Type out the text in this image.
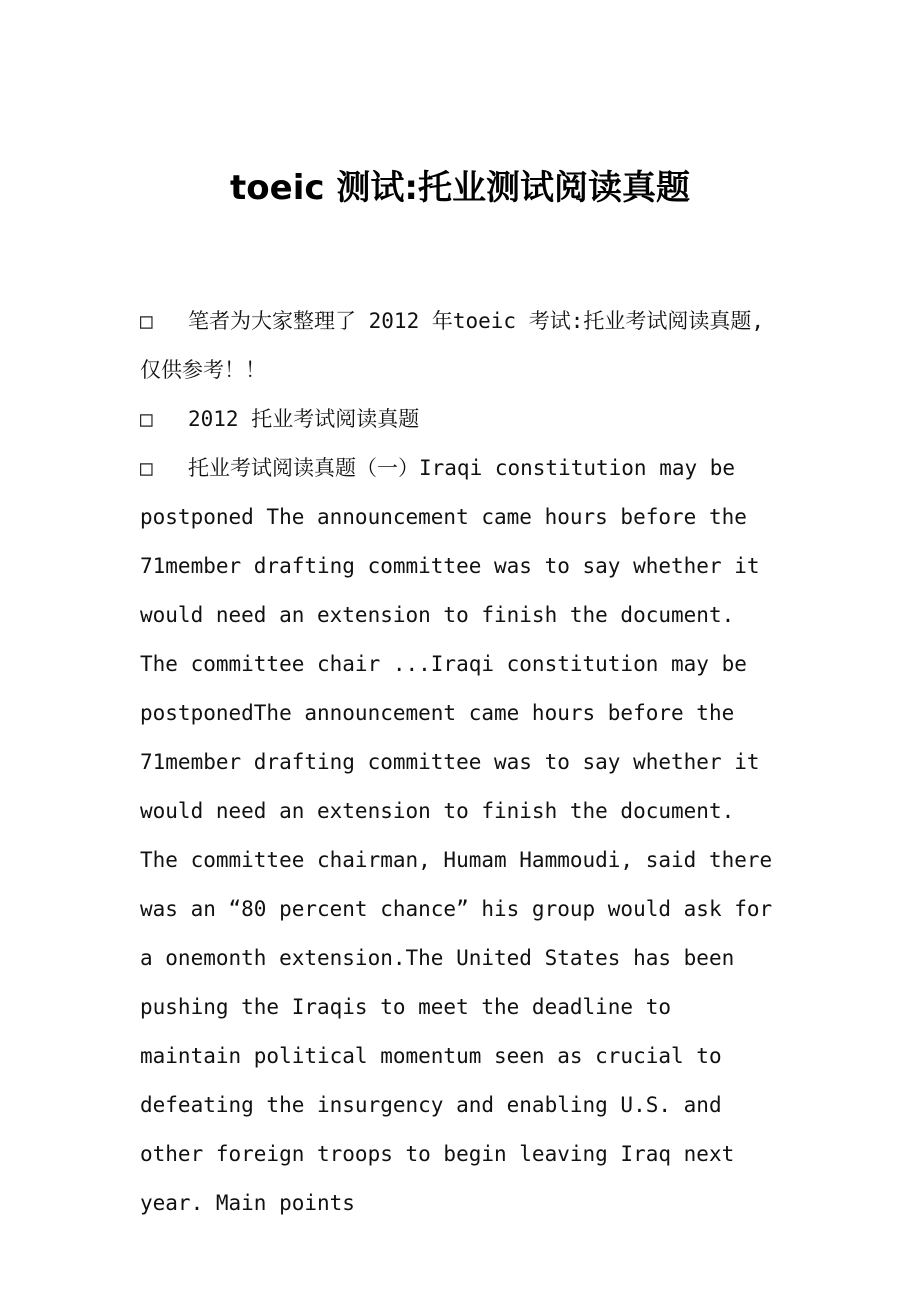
toeic 测试:托业测试阅读真题

□ 笔者为大家整理了 2012 年toeic 考试:托业考试阅读真题,仅供参考！！

□ 2012 托业考试阅读真题

□ 托业考试阅读真题（一）Iraqi constitution may be postponed The announcement came hours before the 71member drafting committee was to say whether it would need an extension to finish the document. The committee chair ...Iraqi constitution may be postponedThe announcement came hours before the 71member drafting committee was to say whether it would need an extension to finish the document. The committee chairman, Humam Hammoudi, said there was an “80 percent chance” his group would ask for a onemonth extension.The United States has been pushing the Iraqis to meet the deadline to maintain political momentum seen as crucial to defeating the insurgency and enabling U.S. and other foreign troops to begin leaving Iraq next year. Main points
